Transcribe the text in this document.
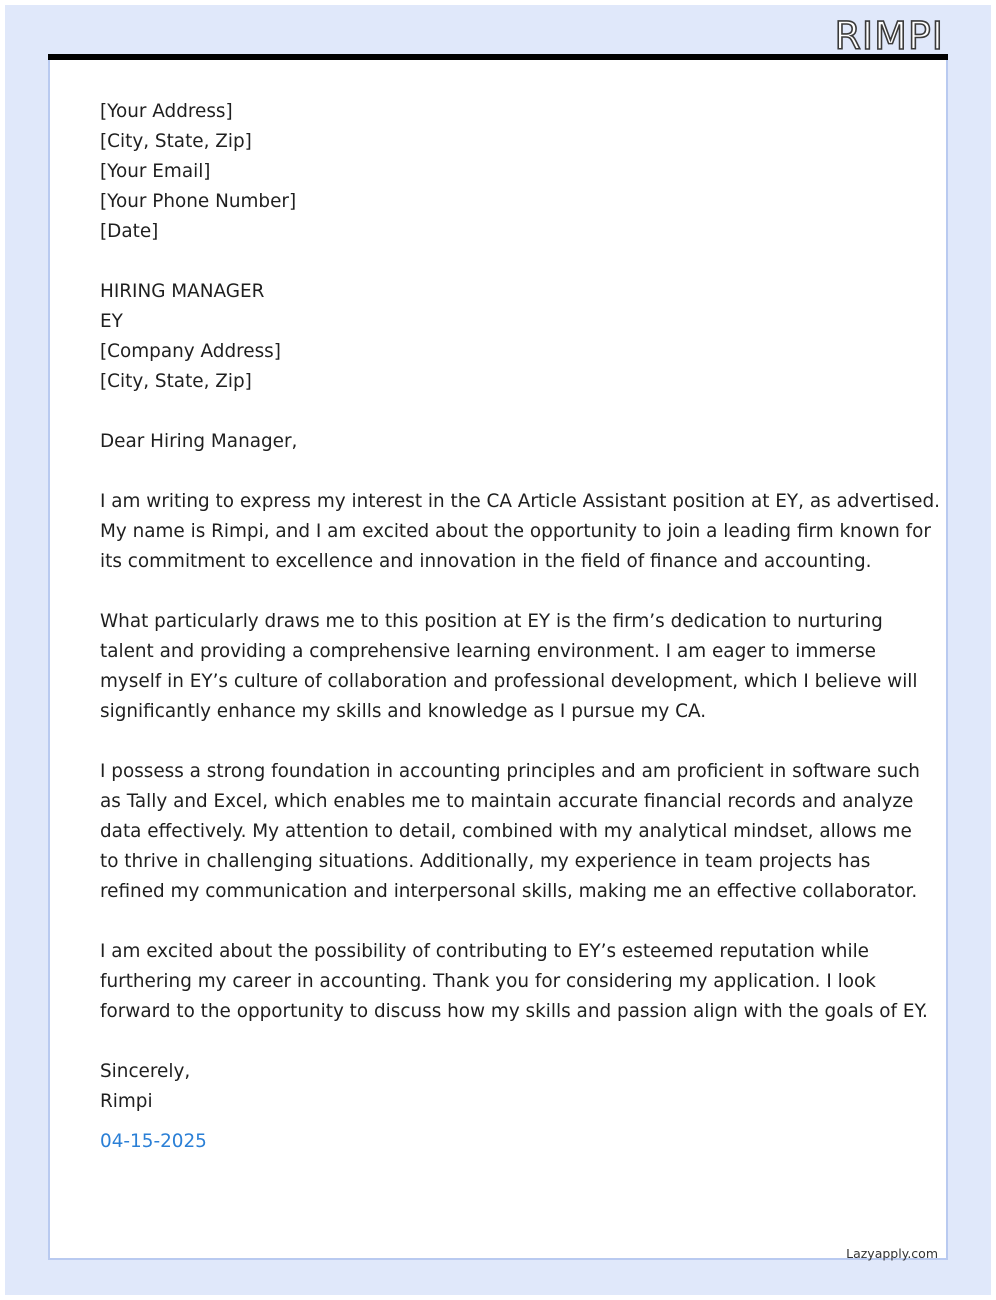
RIMPI
[Your Address]
[City, State, Zip]
[Your Email]
[Your Phone Number]
[Date]
HIRING MANAGER
EY
[Company Address]
[City, State, Zip]
Dear Hiring Manager,
I am writing to express my interest in the CA Article Assistant position at EY, as advertised.
My name is Rimpi, and I am excited about the opportunity to join a leading firm known for
its commitment to excellence and innovation in the field of finance and accounting.
What particularly draws me to this position at EY is the firm’s dedication to nurturing
talent and providing a comprehensive learning environment. I am eager to immerse
myself in EY’s culture of collaboration and professional development, which I believe will
significantly enhance my skills and knowledge as I pursue my CA.
I possess a strong foundation in accounting principles and am proficient in software such
as Tally and Excel, which enables me to maintain accurate financial records and analyze
data effectively. My attention to detail, combined with my analytical mindset, allows me
to thrive in challenging situations. Additionally, my experience in team projects has
refined my communication and interpersonal skills, making me an effective collaborator.
I am excited about the possibility of contributing to EY’s esteemed reputation while
furthering my career in accounting. Thank you for considering my application. I look
forward to the opportunity to discuss how my skills and passion align with the goals of EY.
Sincerely,
Rimpi
04-15-2025
Lazyapply.com
